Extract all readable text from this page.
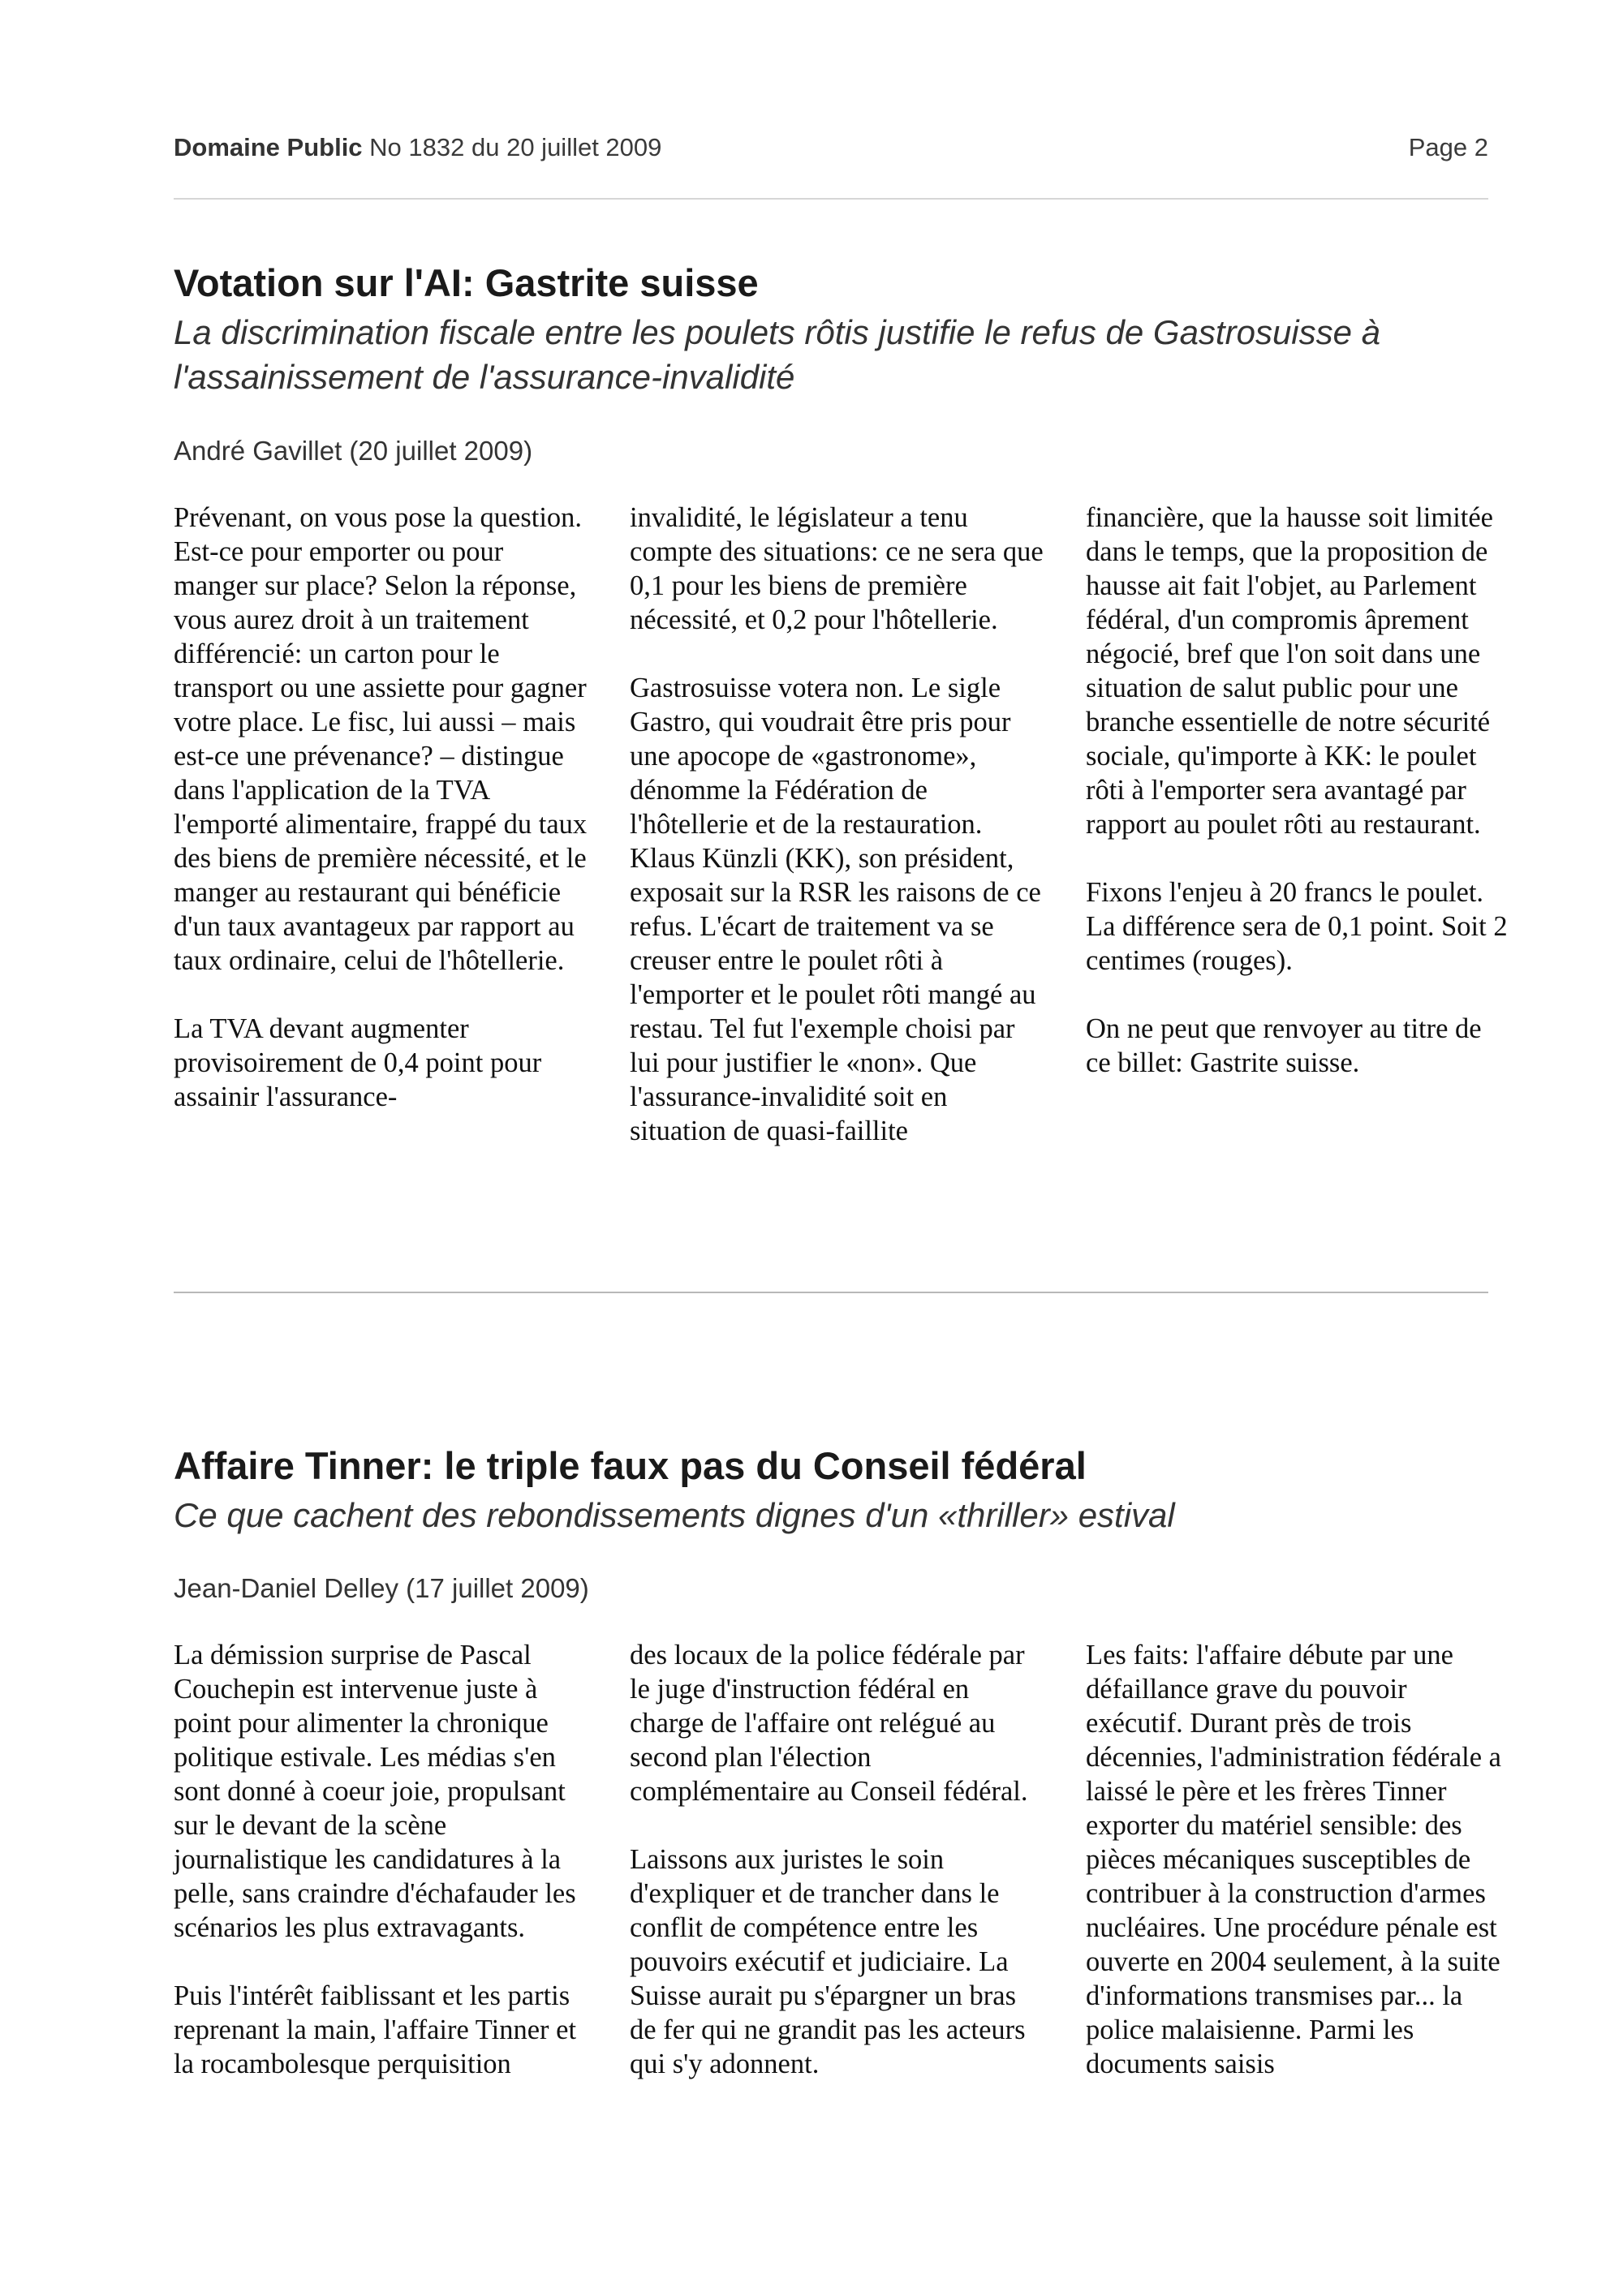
Domaine Public No 1832 du 20 juillet 2009	Page 2
Votation sur l'AI: Gastrite suisse
La discrimination fiscale entre les poulets rôtis justifie le refus de Gastrosuisse à l'assainissement de l'assurance-invalidité
André Gavillet (20 juillet 2009)

Prévenant, on vous pose la question. Est-ce pour emporter ou pour manger sur place? Selon la réponse, vous aurez droit à un traitement différencié: un carton pour le transport ou une assiette pour gagner votre place. Le fisc, lui aussi – mais est-ce une prévenance? – distingue dans l'application de la TVA l'emporté alimentaire, frappé du taux des biens de première nécessité, et le manger au restaurant qui bénéficie d'un taux avantageux par rapport au taux ordinaire, celui de l'hôtellerie.

La TVA devant augmenter provisoirement de 0,4 point pour assainir l'assurance-

invalidité, le législateur a tenu compte des situations: ce ne sera que 0,1 pour les biens de première nécessité, et 0,2 pour l'hôtellerie.

Gastrosuisse votera non. Le sigle Gastro, qui voudrait être pris pour une apocope de «gastronome», dénomme la Fédération de l'hôtellerie et de la restauration. Klaus Künzli (KK), son président, exposait sur la RSR les raisons de ce refus. L'écart de traitement va se creuser entre le poulet rôti à l'emporter et le poulet rôti mangé au restau. Tel fut l'exemple choisi par lui pour justifier le «non». Que l'assurance-invalidité soit en situation de quasi-faillite

financière, que la hausse soit limitée dans le temps, que la proposition de hausse ait fait l'objet, au Parlement fédéral, d'un compromis âprement négocié, bref que l'on soit dans une situation de salut public pour une branche essentielle de notre sécurité sociale, qu'importe à KK: le poulet rôti à l'emporter sera avantagé par rapport au poulet rôti au restaurant.

Fixons l'enjeu à 20 francs le poulet. La différence sera de 0,1 point. Soit 2 centimes (rouges).

On ne peut que renvoyer au titre de ce billet: Gastrite suisse.

Affaire Tinner: le triple faux pas du Conseil fédéral
Ce que cachent des rebondissements dignes d'un «thriller» estival
Jean-Daniel Delley (17 juillet 2009)

La démission surprise de Pascal Couchepin est intervenue juste à point pour alimenter la chronique politique estivale. Les médias s'en sont donné à coeur joie, propulsant sur le devant de la scène journalistique les candidatures à la pelle, sans craindre d'échafauder les scénarios les plus extravagants.

Puis l'intérêt faiblissant et les partis reprenant la main, l'affaire Tinner et la rocambolesque perquisition

des locaux de la police fédérale par le juge d'instruction fédéral en charge de l'affaire ont relégué au second plan l'élection complémentaire au Conseil fédéral.

Laissons aux juristes le soin d'expliquer et de trancher dans le conflit de compétence entre les pouvoirs exécutif et judiciaire. La Suisse aurait pu s'épargner un bras de fer qui ne grandit pas les acteurs qui s'y adonnent.

Les faits: l'affaire débute par une défaillance grave du pouvoir exécutif. Durant près de trois décennies, l'administration fédérale a laissé le père et les frères Tinner exporter du matériel sensible: des pièces mécaniques susceptibles de contribuer à la construction d'armes nucléaires. Une procédure pénale est ouverte en 2004 seulement, à la suite d'informations transmises par... la police malaisienne. Parmi les documents saisis
